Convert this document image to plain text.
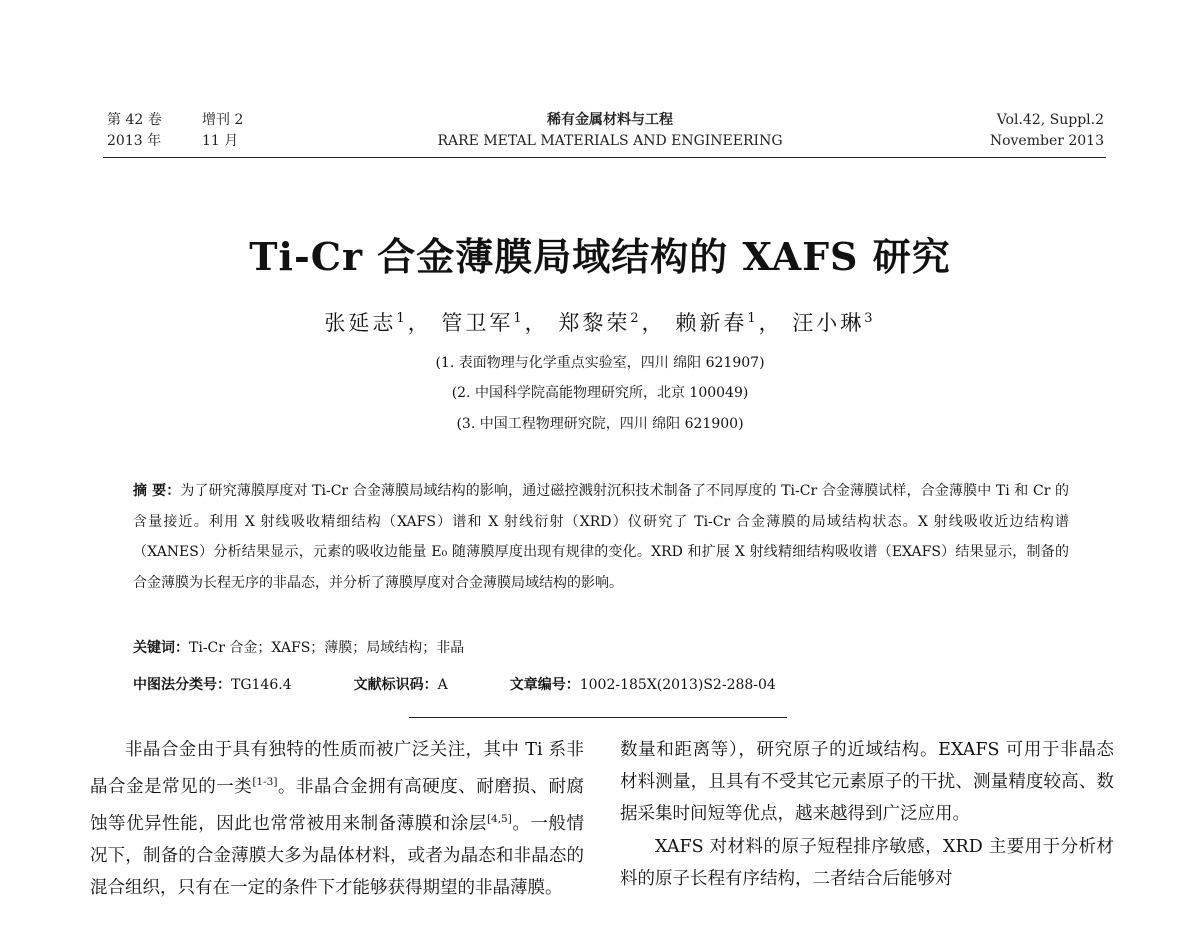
第 42 卷	增刊 2
2013 年	11 月
稀有金属材料与工程
RARE METAL MATERIALS AND ENGINEERING
Vol.42, Suppl.2
November 2013
Ti-Cr 合金薄膜局域结构的 XAFS 研究
张延志$^1$， 管卫军$^1$， 郑黎荣$^2$， 赖新春$^1$， 汪小琳$^3$
(1. 表面物理与化学重点实验室，四川 绵阳 621907)
(2. 中国科学院高能物理研究所，北京 100049)
(3. 中国工程物理研究院，四川 绵阳 621900)
摘 要：为了研究薄膜厚度对 Ti-Cr 合金薄膜局域结构的影响，通过磁控溅射沉积技术制备了不同厚度的 Ti-Cr 合金薄膜试样，合金薄膜中 Ti 和 Cr 的含量接近。利用 X 射线吸收精细结构（XAFS）谱和 X 射线衍射（XRD）仪研究了 Ti-Cr 合金薄膜的局域结构状态。X 射线吸收近边结构谱（XANES）分析结果显示，元素的吸收边能量 E₀ 随薄膜厚度出现有规律的变化。XRD 和扩展 X 射线精细结构吸收谱（EXAFS）结果显示，制备的合金薄膜为长程无序的非晶态，并分析了薄膜厚度对合金薄膜局域结构的影响。
关键词：Ti-Cr 合金；XAFS；薄膜；局域结构；非晶
中图法分类号：TG146.4	文献标识码：A	文章编号：1002-185X(2013)S2-288-04

非晶合金由于具有独特的性质而被广泛关注，其中 Ti 系非晶合金是常见的一类[1-3]。非晶合金拥有高硬度、耐磨损、耐腐蚀等优异性能，因此也常常被用来制备薄膜和涂层[4,5]。一般情况下，制备的合金薄膜大多为晶体材料，或者为晶态和非晶态的混合组织，只有在一定的条件下才能够获得期望的非晶薄膜。

数量和距离等），研究原子的近域结构。EXAFS 可用于非晶态材料测量，且具有不受其它元素原子的干扰、测量精度较高、数据采集时间短等优点，越来越得到广泛应用。

XAFS 对材料的原子短程排序敏感，XRD 主要用于分析材料的原子长程有序结构，二者结合后能够对
